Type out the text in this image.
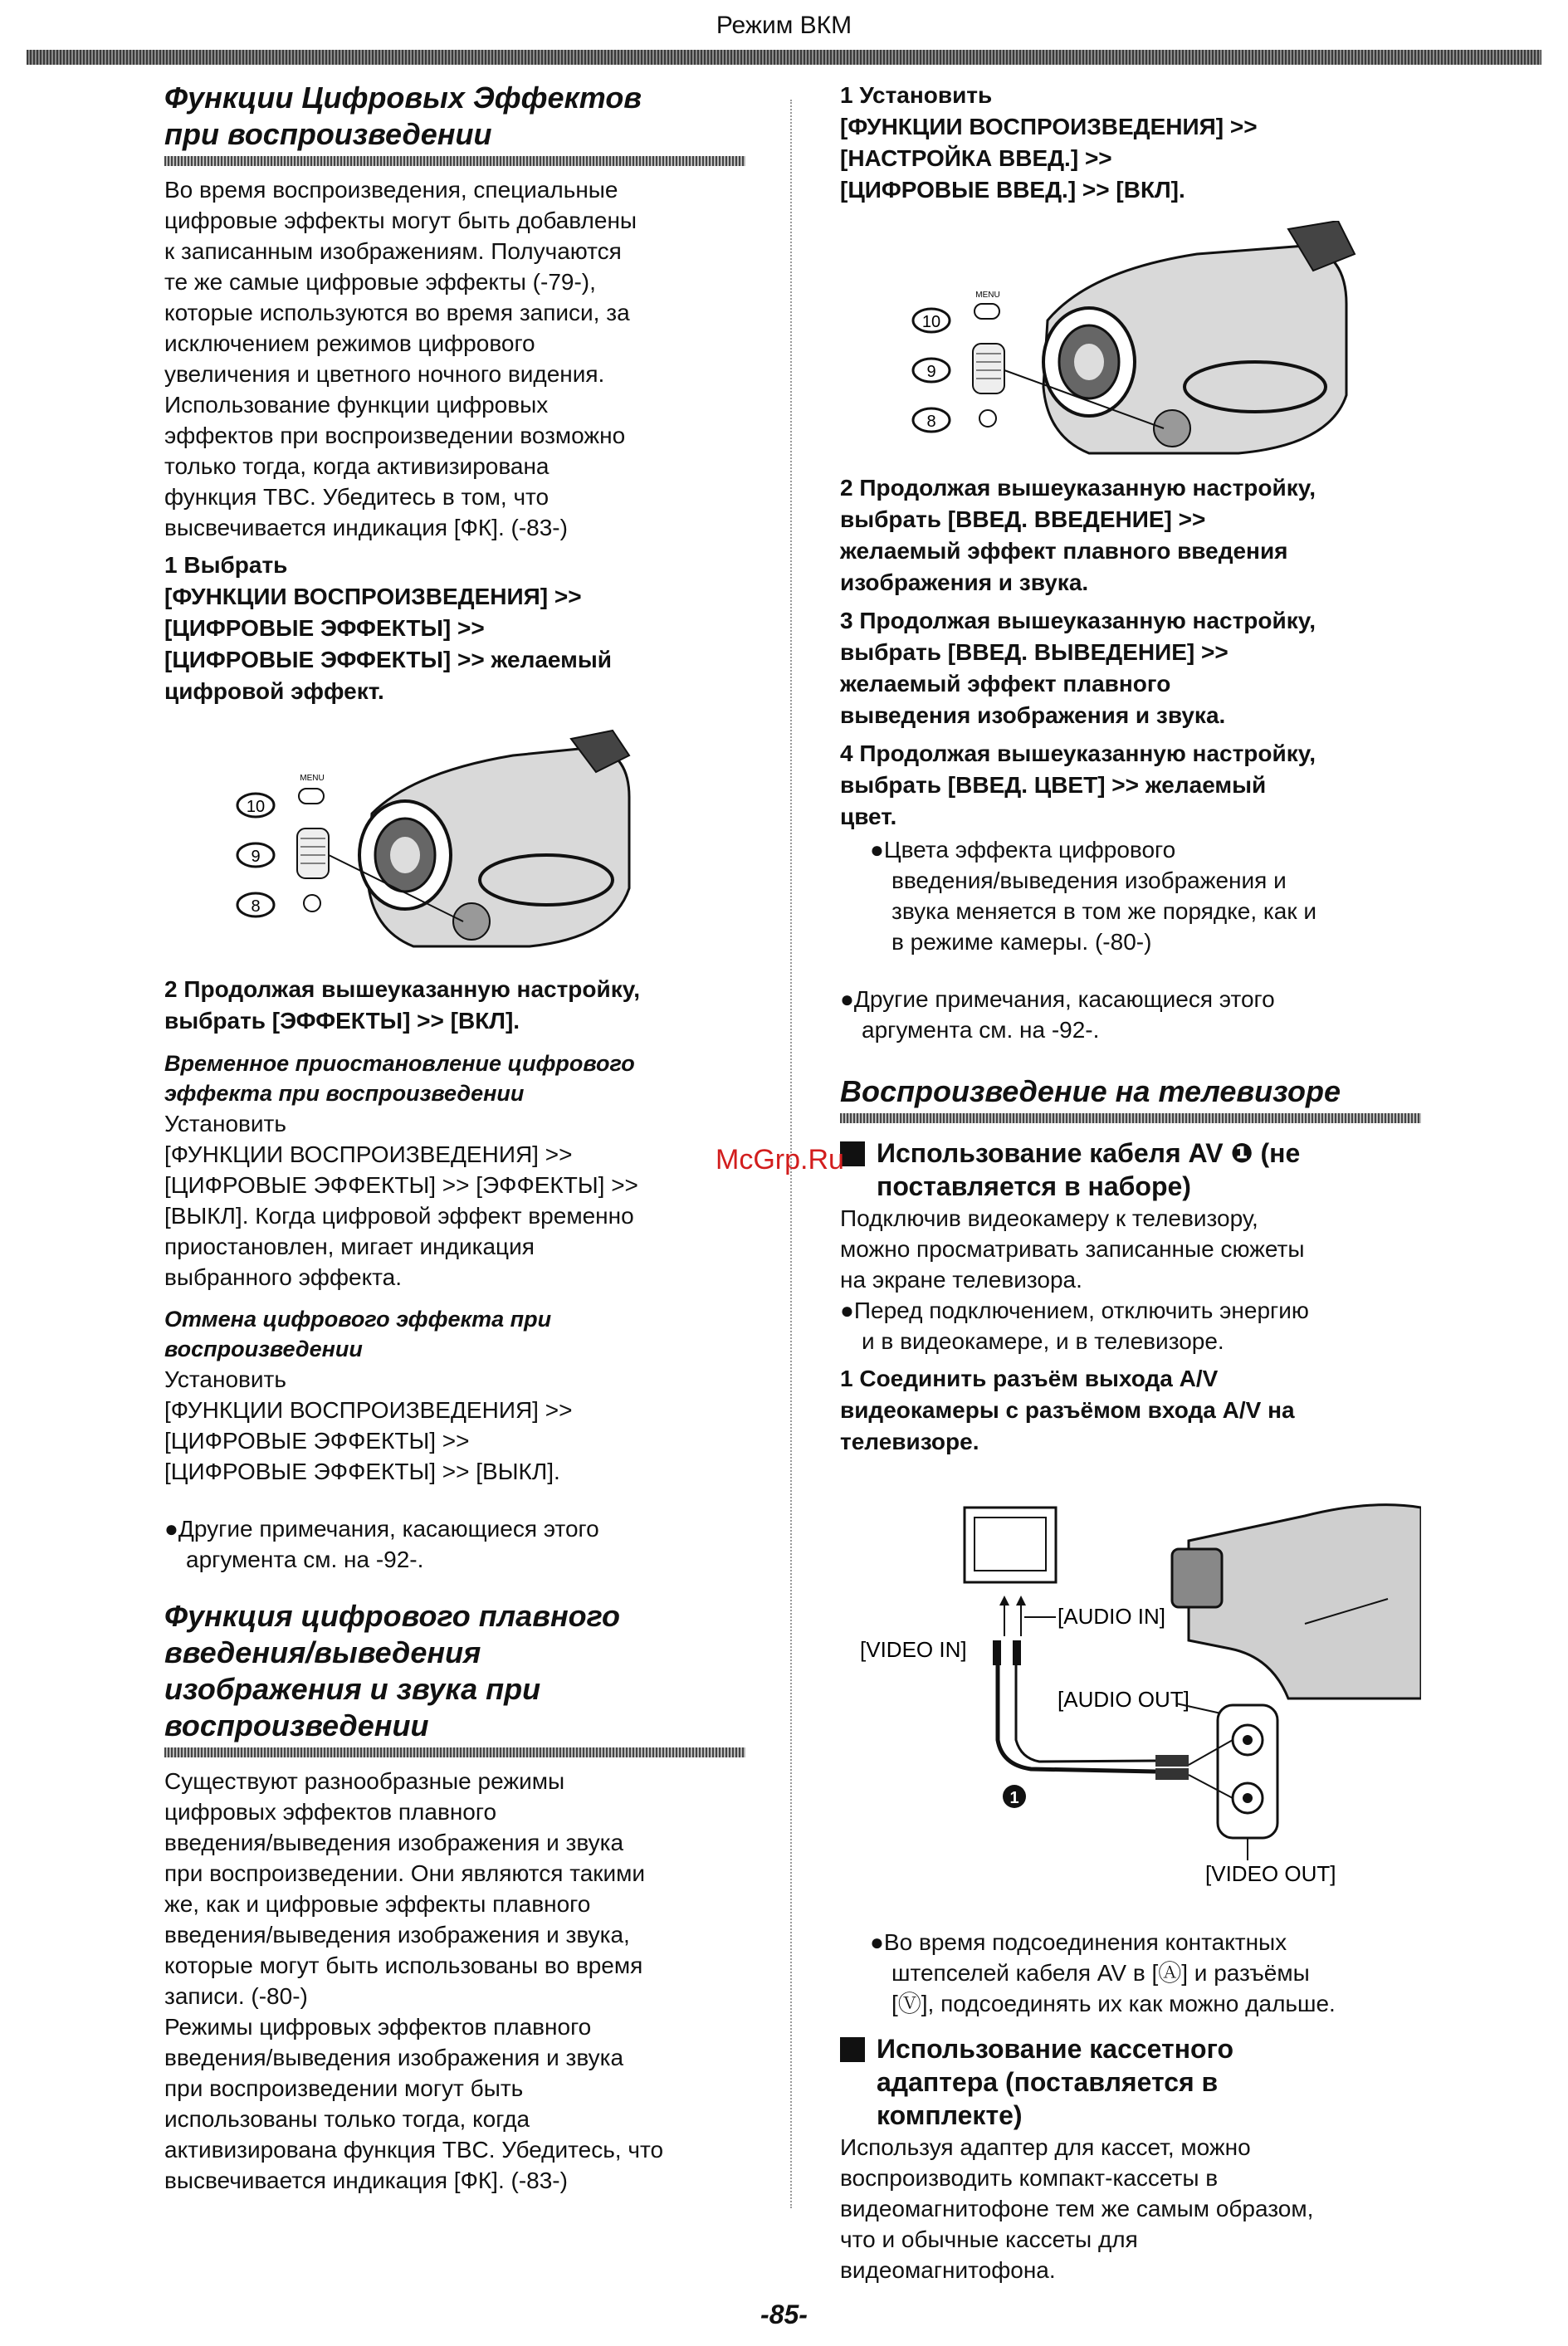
Режим ВКМ
Функции Цифровых Эффектов
при воспроизведении
Во время воспроизведения, специальные
цифровые эффекты могут быть добавлены
к записанным изображениям. Получаются
те же самые цифровые эффекты (-79-),
которые используются во время записи, за
исключением режимов цифрового
увеличения и цветного ночного видения.
Использование функции цифровых
эффектов при воспроизведении возможно
только тогда, когда активизирована
функция TBC. Убедитесь в том, что
высвечивается индикация [ФК]. (-83-)
1 Выбрать
[ФУНКЦИИ ВОСПРОИЗВЕДЕНИЯ] >>
[ЦИФРОВЫЕ ЭФФЕКТЫ] >>
[ЦИФРОВЫЕ ЭФФЕКТЫ] >> желаемый
цифровой эффект.
10
MENU
9
8
2 Продолжая вышеуказанную настройку,
выбрать [ЭФФЕКТЫ] >> [ВКЛ].
Временное приостановление цифрового
эффекта при воспроизведении
Установить
[ФУНКЦИИ ВОСПРОИЗВЕДЕНИЯ] >>
[ЦИФРОВЫЕ ЭФФЕКТЫ] >> [ЭФФЕКТЫ] >>
[ВЫКЛ]. Когда цифровой эффект временно
приостановлен, мигает индикация
выбранного эффекта.
Отмена цифрового эффекта при
воспроизведении
Установить
[ФУНКЦИИ ВОСПРОИЗВЕДЕНИЯ] >>
[ЦИФРОВЫЕ ЭФФЕКТЫ] >>
[ЦИФРОВЫЕ ЭФФЕКТЫ] >> [ВЫКЛ].
●Другие примечания, касающиеся этого
аргумента см. на -92-.
Функция цифрового плавного
введения/выведения
изображения и звука при
воспроизведении
Существуют разнообразные режимы
цифровых эффектов плавного
введения/выведения изображения и звука
при воспроизведении. Они являются такими
же, как и цифровые эффекты плавного
введения/выведения изображения и звука,
которые могут быть использованы во время
записи. (-80-)
Режимы цифровых эффектов плавного
введения/выведения изображения и звука
при воспроизведении могут быть
использованы только тогда, когда
активизирована функция TBC. Убедитесь, что
высвечивается индикация [ФК]. (-83-)
1 Установить
[ФУНКЦИИ ВОСПРОИЗВЕДЕНИЯ] >>
[НАСТРОЙКА ВВЕД.] >>
[ЦИФРОВЫЕ ВВЕД.] >> [ВКЛ].
10
MENU
9
8
2 Продолжая вышеуказанную настройку,
выбрать [ВВЕД. ВВЕДЕНИЕ] >>
желаемый эффект плавного введения
изображения и звука.
3 Продолжая вышеуказанную настройку,
выбрать [ВВЕД. ВЫВЕДЕНИЕ] >>
желаемый эффект плавного
выведения изображения и звука.
4 Продолжая вышеуказанную настройку,
выбрать [ВВЕД. ЦВЕТ] >> желаемый
цвет.
●Цвета эффекта цифрового
введения/выведения изображения и
звука меняется в том же порядке, как и
в режиме камеры. (-80-)
●Другие примечания, касающиеся этого
аргумента см. на -92-.
Воспроизведение на телевизоре
Использование кабеля AV ❶ (не
поставляется в наборе)
Подключив видеокамеру к телевизору,
можно просматривать записанные сюжеты
на экране телевизора.
●Перед подключением, отключить энергию
и в видеокамере, и в телевизоре.
1 Соединить разъём выхода A/V
видеокамеры с разъёмом входа A/V на
телевизоре.
[AUDIO IN]
[VIDEO IN]
[AUDIO OUT]
1
[VIDEO OUT]
●Во время подсоединения контактных
штепселей кабеля AV в [Ⓐ] и разъёмы
[Ⓥ], подсоединять их как можно дальше.
Использование кассетного
адаптера (поставляется в
комплекте)
Используя адаптер для кассет, можно
воспроизводить компакт-кассеты в
видеомагнитофоне тем же самым образом,
что и обычные кассеты для
видеомагнитофона.
McGrp.Ru
-85-
